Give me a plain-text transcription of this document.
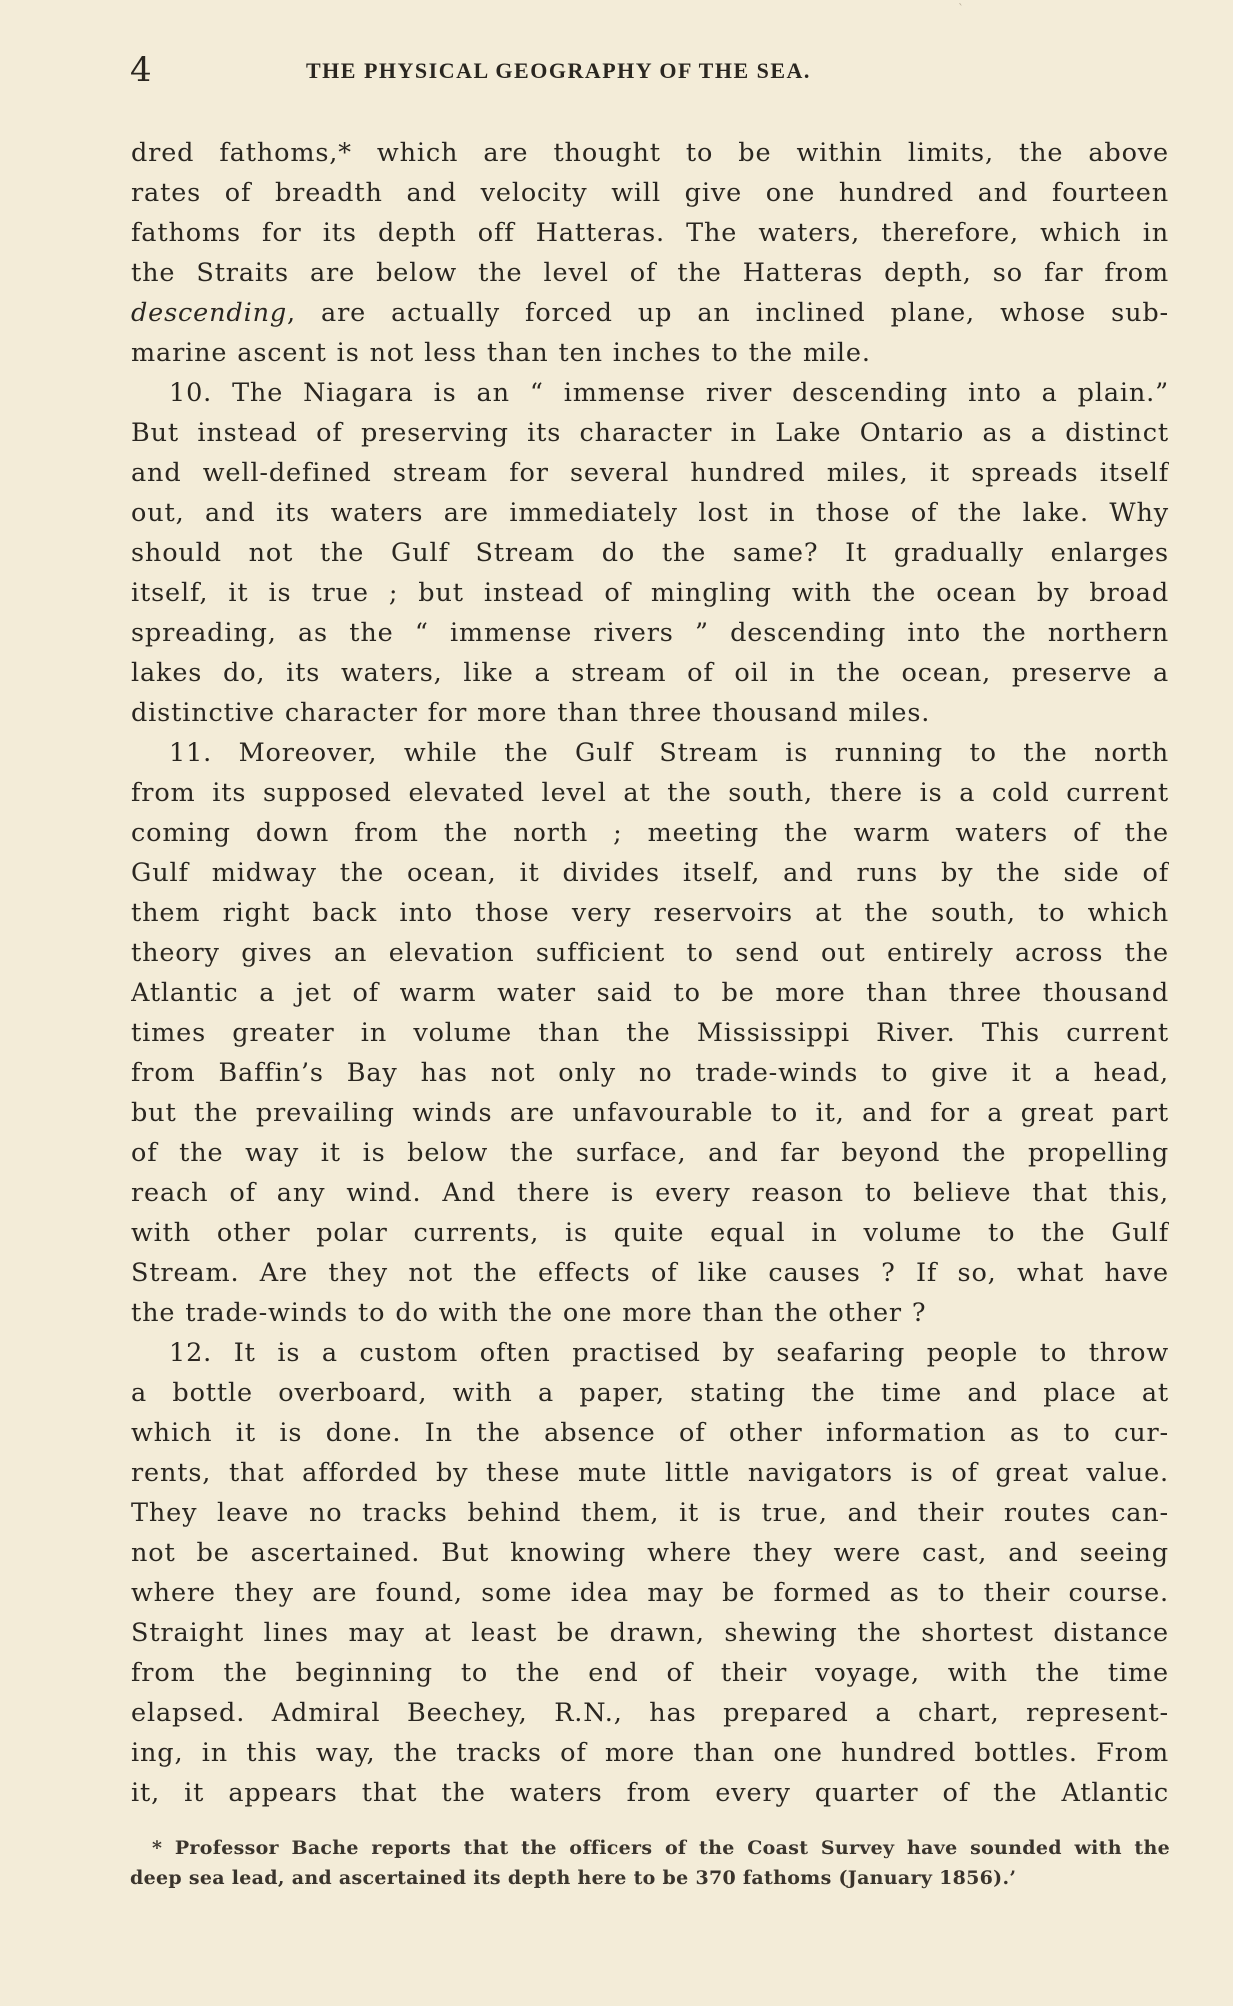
`
4	THE PHYSICAL GEOGRAPHY OF THE SEA.
dred fathoms,* which are thought to be within limits, the above
rates of breadth and velocity will give one hundred and fourteen
fathoms for its depth off Hatteras. The waters, therefore, which in
the Straits are below the level of the Hatteras depth, so far from
descending, are actually forced up an inclined plane, whose sub-
marine ascent is not less than ten inches to the mile.
10. The Niagara is an “ immense river descending into a plain.”
But instead of preserving its character in Lake Ontario as a distinct
and well-defined stream for several hundred miles, it spreads itself
out, and its waters are immediately lost in those of the lake. Why
should not the Gulf Stream do the same? It gradually enlarges
itself, it is true ; but instead of mingling with the ocean by broad
spreading, as the “ immense rivers ” descending into the northern
lakes do, its waters, like a stream of oil in the ocean, preserve a
distinctive character for more than three thousand miles.
11. Moreover, while the Gulf Stream is running to the north
from its supposed elevated level at the south, there is a cold current
coming down from the north ; meeting the warm waters of the
Gulf midway the ocean, it divides itself, and runs by the side of
them right back into those very reservoirs at the south, to which
theory gives an elevation sufficient to send out entirely across the
Atlantic a jet of warm water said to be more than three thousand
times greater in volume than the Mississippi River. This current
from Baffin’s Bay has not only no trade-winds to give it a head,
but the prevailing winds are unfavourable to it, and for a great part
of the way it is below the surface, and far beyond the propelling
reach of any wind. And there is every reason to believe that this,
with other polar currents, is quite equal in volume to the Gulf
Stream. Are they not the effects of like causes ? If so, what have
the trade-winds to do with the one more than the other ?
12. It is a custom often practised by seafaring people to throw
a bottle overboard, with a paper, stating the time and place at
which it is done. In the absence of other information as to cur-
rents, that afforded by these mute little navigators is of great value.
They leave no tracks behind them, it is true, and their routes can-
not be ascertained. But knowing where they were cast, and seeing
where they are found, some idea may be formed as to their course.
Straight lines may at least be drawn, shewing the shortest distance
from the beginning to the end of their voyage, with the time
elapsed. Admiral Beechey, R.N., has prepared a chart, represent-
ing, in this way, the tracks of more than one hundred bottles. From
it, it appears that the waters from every quarter of the Atlantic
* Professor Bache reports that the officers of the Coast Survey have sounded with the
deep sea lead, and ascertained its depth here to be 370 fathoms (January 1856).’
